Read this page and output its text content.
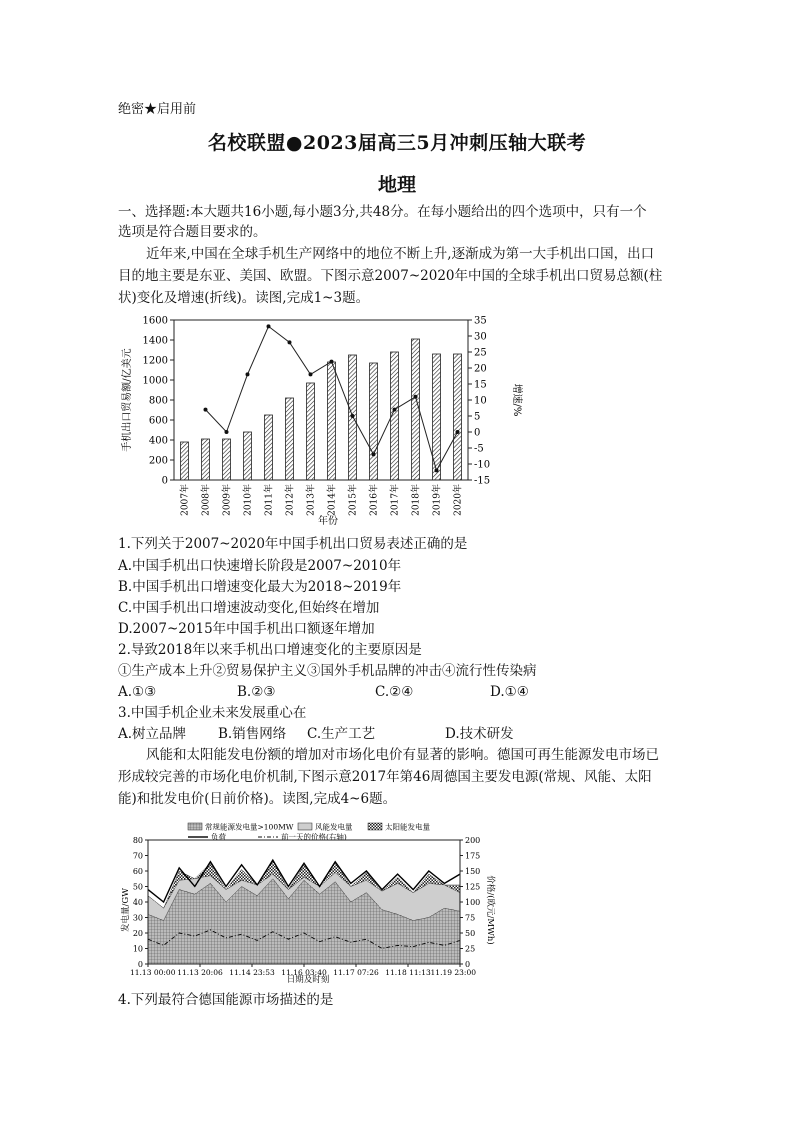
绝密★启用前
名校联盟●2023届高三5月冲刺压轴大联考
地理
一、选择题:本大题共16小题,每小题3分,共48分。在每小题给出的四个选项中，只有一个
选项是符合题目要求的。
近年来,中国在全球手机生产网络中的地位不断上升,逐渐成为第一大手机出口国，出口
目的地主要是东亚、美国、欧盟。下图示意2007~2020年中国的全球手机出口贸易总额(柱
状)变化及增速(折线)。读图,完成1~3题。
0
200
400
600
800
1000
1200
1400
1600
-15
-10
-5
0
5
10
15
20
25
30
35
2007年 2008年 2009年 2010年 2011年 2012年 2013年 2014年 2015年 2016年 2017年 2018年 2019年 2020年
手机出口贸易额/亿美元	增速/%
年份
1.下列关于2007~2020年中国手机出口贸易表述正确的是
A.中国手机出口快速增长阶段是2007~2010年
B.中国手机出口增速变化最大为2018~2019年
C.中国手机出口增速波动变化,但始终在增加
D.2007~2015年中国手机出口额逐年增加
2.导致2018年以来手机出口增速变化的主要原因是
①生产成本上升②贸易保护主义③国外手机品牌的冲击④流行性传染病
A.①③	B.②③	C.②④	D.①④
3.中国手机企业未来发展重心在
A.树立品牌 B.销售网络 C.生产工艺	D.技术研发
风能和太阳能发电份额的增加对市场化电价有显著的影响。德国可再生能源发电市场已
形成较完善的市场化电价机制,下图示意2017年第46周德国主要发电源(常规、风能、太阳
能)和批发电价(日前价格)。读图,完成4~6题。
常规能源发电量>100MW	风能发电量	太阳能发电量
负荷	前一天的价格(右轴)
0
10
20
30
40
50
60
70
80
0
25
50
75
100
125
150
175
200
11.13 00:00 11.13 20:06 11.14 23:53 11.16 03:40 11.17 07:26 11.18 11:13 11.19 23:00
发电量/GW	价格/(欧元/MWh)
日期及时刻
4.下列最符合德国能源市场描述的是
